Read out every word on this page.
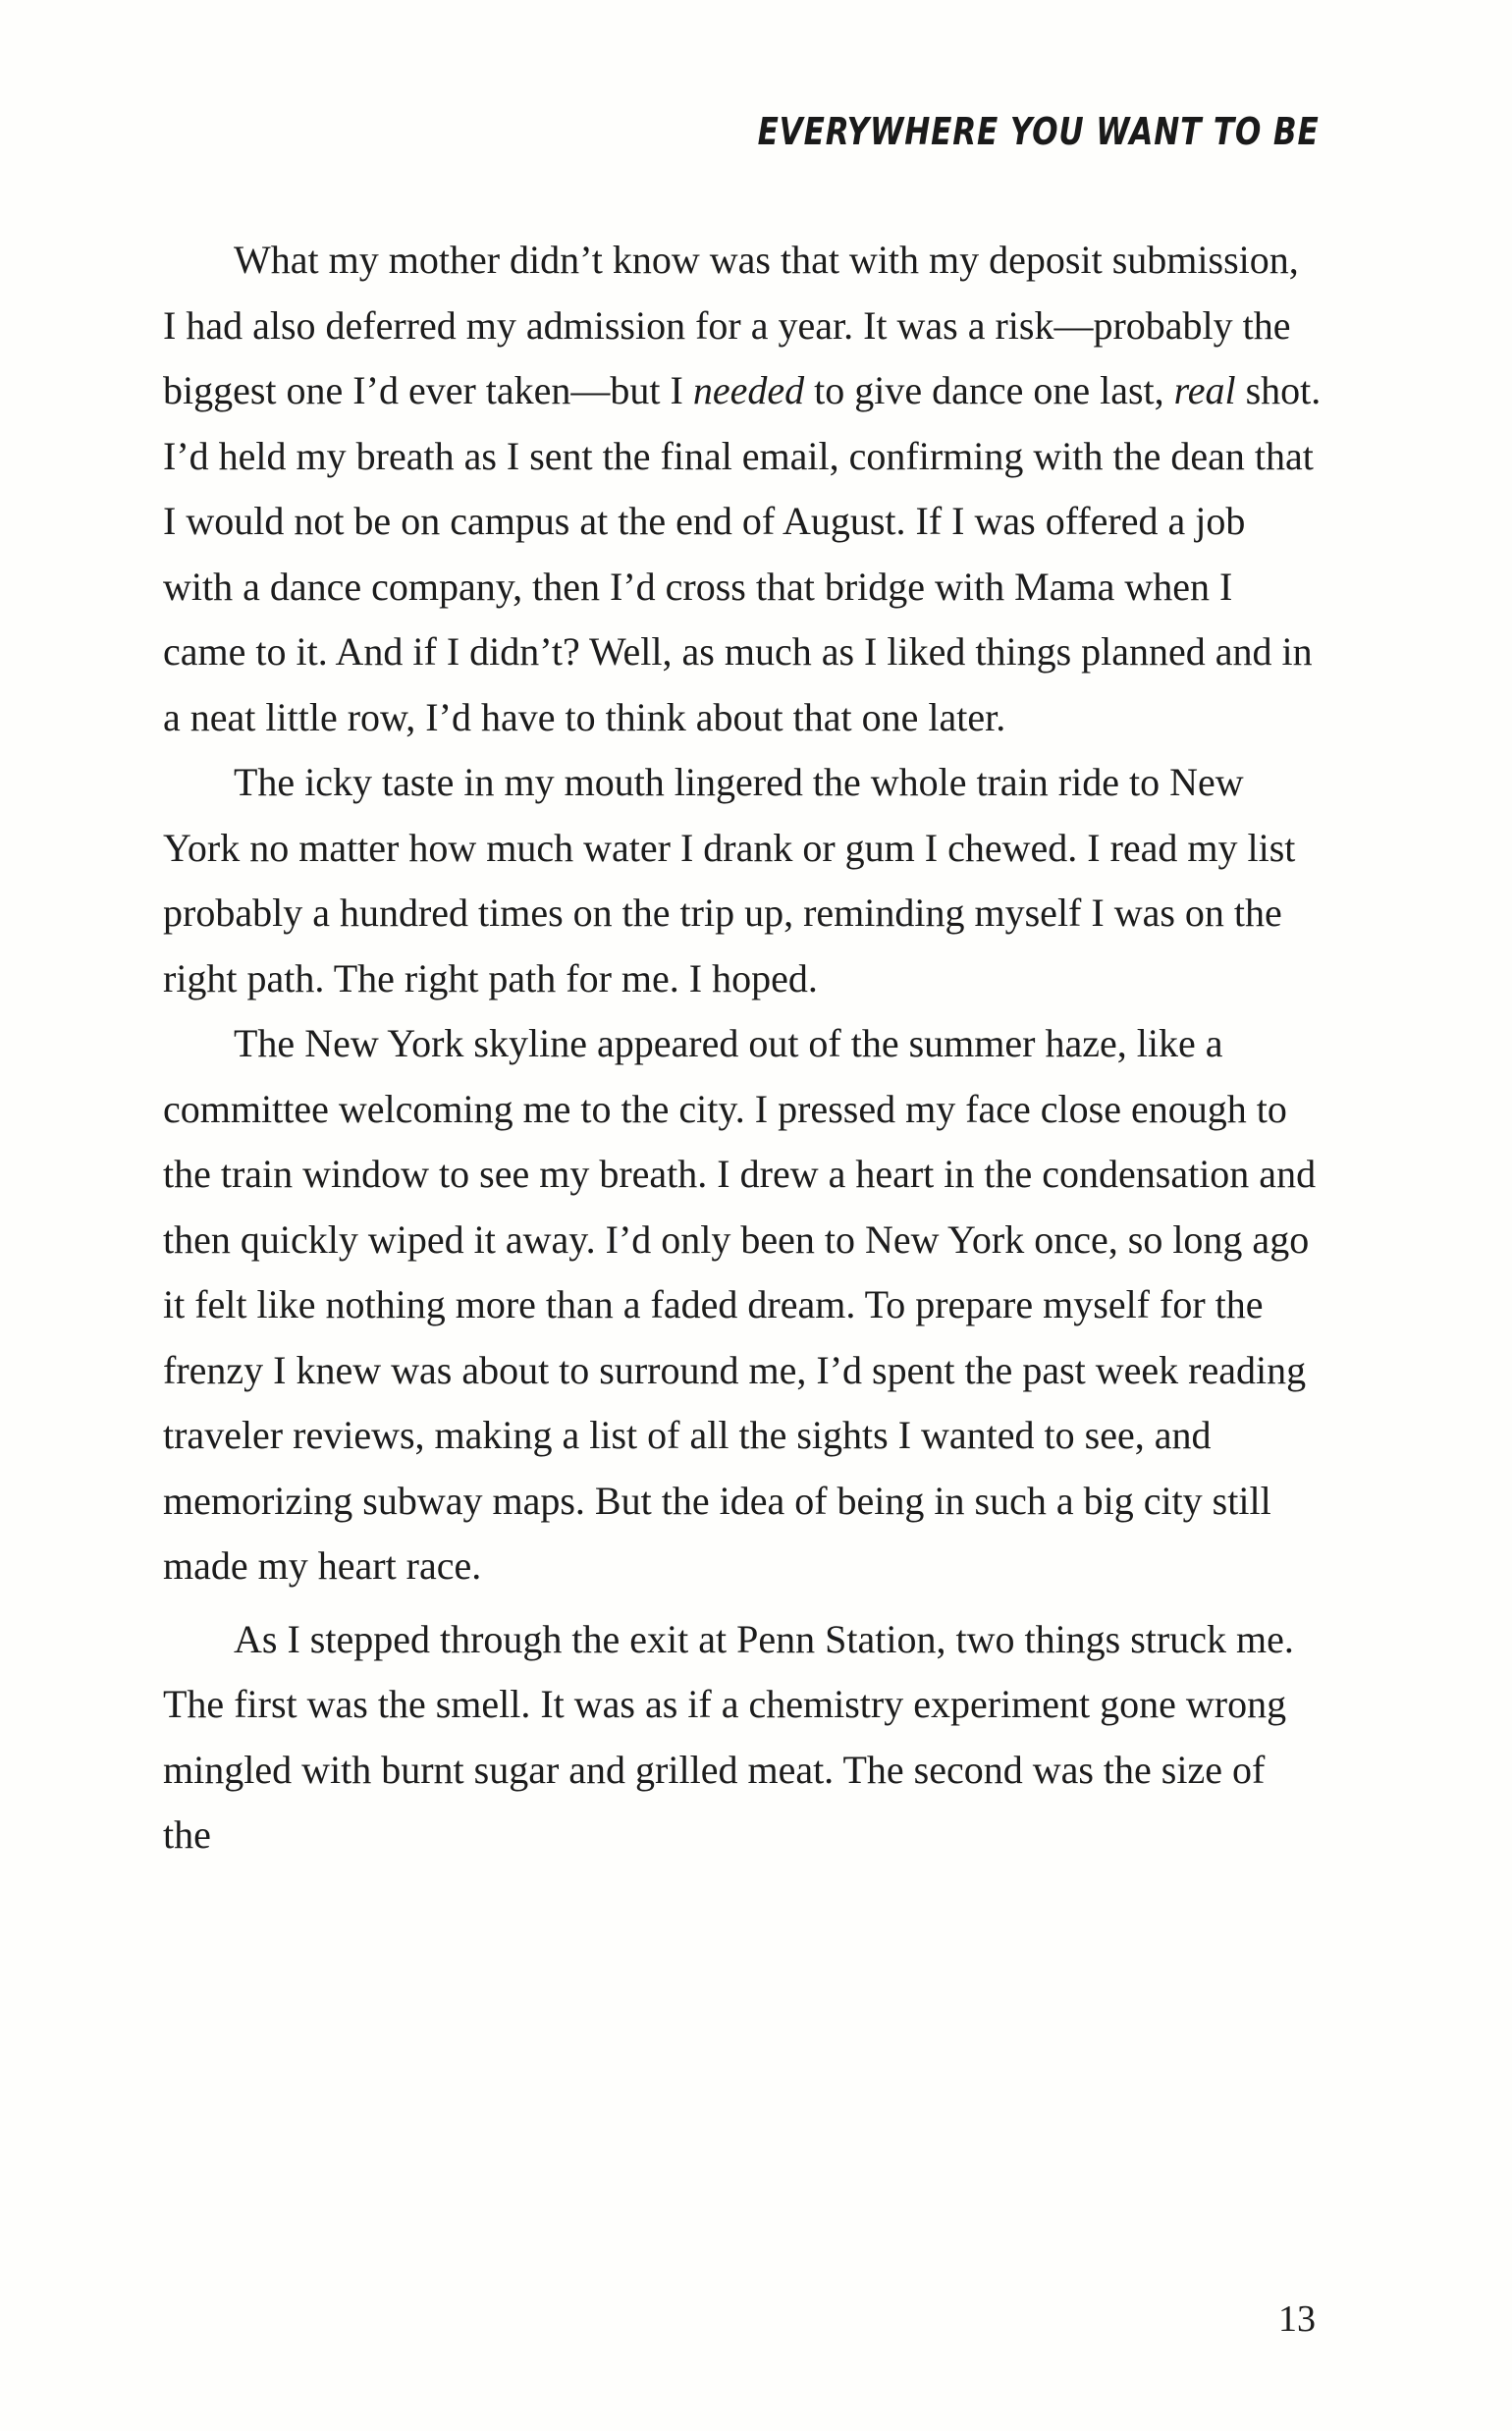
EVERYWHERE YOU WANT TO BE

What my mother didn’t know was that with my deposit submission, I had also deferred my admission for a year. It was a risk—probably the biggest one I’d ever taken—but I needed to give dance one last, real shot. I’d held my breath as I sent the final email, confirming with the dean that I would not be on campus at the end of August. If I was offered a job with a dance company, then I’d cross that bridge with Mama when I came to it. And if I didn’t? Well, as much as I liked things planned and in a neat little row, I’d have to think about that one later.

The icky taste in my mouth lingered the whole train ride to New York no matter how much water I drank or gum I chewed. I read my list probably a hundred times on the trip up, reminding myself I was on the right path. The right path for me. I hoped.

The New York skyline appeared out of the summer haze, like a committee welcoming me to the city. I pressed my face close enough to the train window to see my breath. I drew a heart in the condensation and then quickly wiped it away. I’d only been to New York once, so long ago it felt like nothing more than a faded dream. To prepare myself for the frenzy I knew was about to surround me, I’d spent the past week reading traveler reviews, making a list of all the sights I wanted to see, and memorizing subway maps. But the idea of being in such a big city still made my heart race.

As I stepped through the exit at Penn Station, two things struck me. The first was the smell. It was as if a chemistry experiment gone wrong mingled with burnt sugar and grilled meat. The second was the size of the

13
